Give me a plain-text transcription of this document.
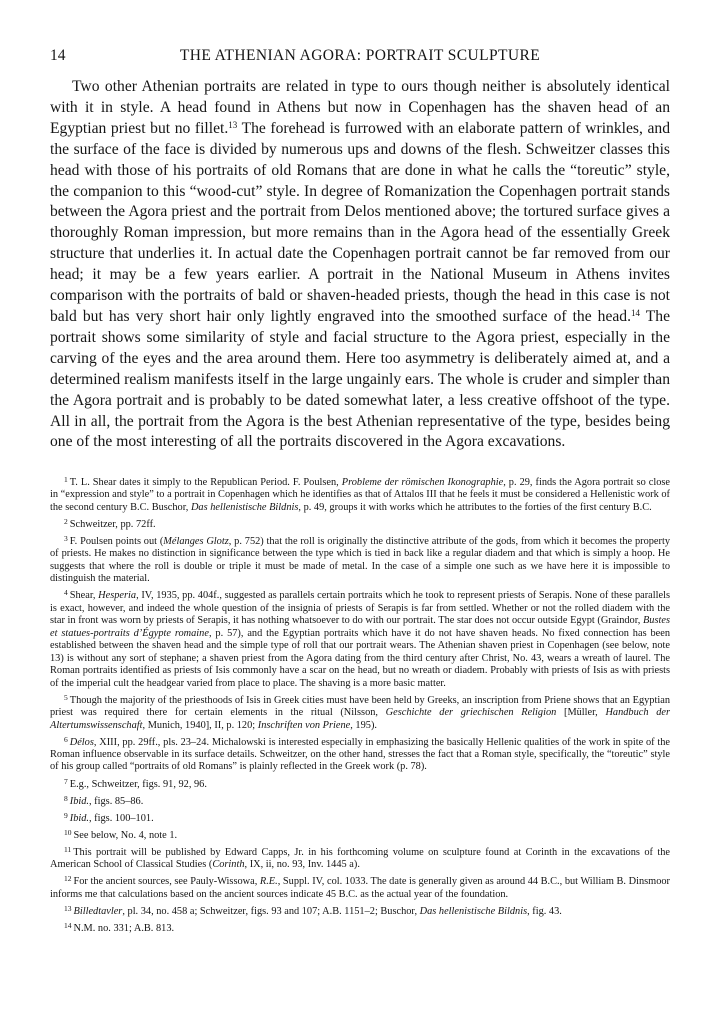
14	THE ATHENIAN AGORA: PORTRAIT SCULPTURE

Two other Athenian portraits are related in type to ours though neither is absolutely identical with it in style. A head found in Athens but now in Copenhagen has the shaven head of an Egyptian priest but no fillet.$^{13}$ The forehead is furrowed with an elaborate pattern of wrinkles, and the surface of the face is divided by numerous ups and downs of the flesh. Schweitzer classes this head with those of his portraits of old Romans that are done in what he calls the “toreutic” style, the companion to this “wood-cut” style. In degree of Romanization the Copenhagen portrait stands between the Agora priest and the portrait from Delos mentioned above; the tortured surface gives a thoroughly Roman impression, but more remains than in the Agora head of the essentially Greek structure that underlies it. In actual date the Copenhagen portrait cannot be far removed from our head; it may be a few years earlier. A portrait in the National Museum in Athens invites comparison with the portraits of bald or shaven-headed priests, though the head in this case is not bald but has very short hair only lightly engraved into the smoothed surface of the head.$^{14}$ The portrait shows some similarity of style and facial structure to the Agora priest, especially in the carving of the eyes and the area around them. Here too asymmetry is deliberately aimed at, and a determined realism manifests itself in the large ungainly ears. The whole is cruder and simpler than the Agora portrait and is probably to be dated somewhat later, a less creative offshoot of the type. All in all, the portrait from the Agora is the best Athenian representative of the type, besides being one of the most interesting of all the portraits discovered in the Agora excavations.

$^1$ T. L. Shear dates it simply to the Republican Period. F. Poulsen, Probleme der römischen Ikonographie, p. 29, finds the Agora portrait so close in “expression and style” to a portrait in Copenhagen which he identifies as that of Attalos III that he feels it must be considered a Hellenistic work of the second century B.C. Buschor, Das hellenistische Bildnis, p. 49, groups it with works which he attributes to the forties of the first century B.C.

$^2$ Schweitzer, pp. 72ff.

$^3$ F. Poulsen points out (Mélanges Glotz, p. 752) that the roll is originally the distinctive attribute of the gods, from which it becomes the property of priests. He makes no distinction in significance between the type which is tied in back like a regular diadem and that which is simply a hoop. He suggests that where the roll is double or triple it must be made of metal. In the case of a simple one such as we have here it is impossible to distinguish the material.

$^4$ Shear, Hesperia, IV, 1935, pp. 404f., suggested as parallels certain portraits which he took to represent priests of Serapis. None of these parallels is exact, however, and indeed the whole question of the insignia of priests of Serapis is far from settled. Whether or not the rolled diadem with the star in front was worn by priests of Serapis, it has nothing whatsoever to do with our portrait. The star does not occur outside Egypt (Graindor, Bustes et statues-portraits d’Égypte romaine, p. 57), and the Egyptian portraits which have it do not have shaven heads. No fixed connection has been established between the shaven head and the simple type of roll that our portrait wears. The Athenian shaven priest in Copenhagen (see below, note 13) is without any sort of stephane; a shaven priest from the Agora dating from the third century after Christ, No. 43, wears a wreath of laurel. The Roman portraits identified as priests of Isis commonly have a scar on the head, but no wreath or diadem. Probably with priests of Isis as with priests of the imperial cult the headgear varied from place to place. The shaving is a more basic matter.

$^5$ Though the majority of the priesthoods of Isis in Greek cities must have been held by Greeks, an inscription from Priene shows that an Egyptian priest was required there for certain elements in the ritual (Nilsson, Geschichte der griechischen Religion [Müller, Handbuch der Altertumswissenschaft, Munich, 1940], II, p. 120; Inschriften von Priene, 195).

$^6$ Délos, XIII, pp. 29ff., pls. 23–24. Michalowski is interested especially in emphasizing the basically Hellenic qualities of the work in spite of the Roman influence observable in its surface details. Schweitzer, on the other hand, stresses the fact that a Roman style, specifically, the “toreutic” style of his group called “portraits of old Romans” is plainly reflected in the Greek work (p. 78).

$^7$ E.g., Schweitzer, figs. 91, 92, 96.

$^8$ Ibid., figs. 85–86.

$^9$ Ibid., figs. 100–101.

$^{10}$ See below, No. 4, note 1.

$^{11}$ This portrait will be published by Edward Capps, Jr. in his forthcoming volume on sculpture found at Corinth in the excavations of the American School of Classical Studies (Corinth, IX, ii, no. 93, Inv. 1445 a).

$^{12}$ For the ancient sources, see Pauly-Wissowa, R.E., Suppl. IV, col. 1033. The date is generally given as around 44 B.C., but William B. Dinsmoor informs me that calculations based on the ancient sources indicate 45 B.C. as the actual year of the foundation.

$^{13}$ Billedtavler, pl. 34, no. 458 a; Schweitzer, figs. 93 and 107; A.B. 1151–2; Buschor, Das hellenistische Bildnis, fig. 43.

$^{14}$ N.M. no. 331; A.B. 813.
